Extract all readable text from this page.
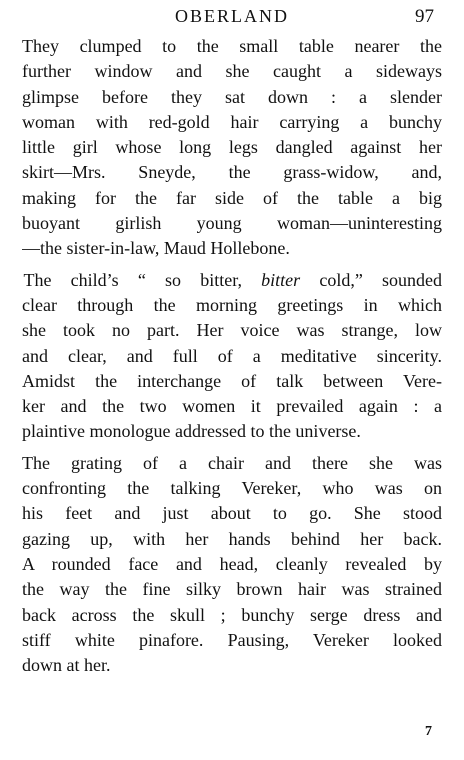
OBERLAND	97

They clumped to the small table nearer the
further window and she caught a sideways
glimpse before they sat down : a slender
woman with red-gold hair carrying a bunchy
little girl whose long legs dangled against her
skirt—Mrs. Sneyde, the grass-widow, and,
making for the far side of the table a big
buoyant girlish young woman—uninteresting
—the sister-in-law, Maud Hollebone.

 The child’s “ so bitter, bitter cold,” sounded
clear through the morning greetings in which
she took no part. Her voice was strange, low
and clear, and full of a meditative sincerity.
Amidst the interchange of talk between Vere-
ker and the two women it prevailed again : a
plaintive monologue addressed to the universe.

The grating of a chair and there she was
confronting the talking Vereker, who was on
his feet and just about to go. She stood
gazing up, with her hands behind her back.
A rounded face and head, cleanly revealed by
the way the fine silky brown hair was strained
back across the skull ; bunchy serge dress and
stiff white pinafore. Pausing, Vereker looked
down at her.

7
